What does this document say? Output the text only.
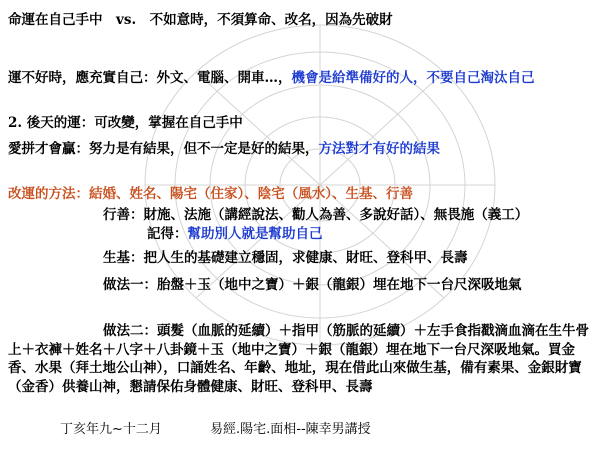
命運在自己手中　vs.　不如意時，不須算命、改名，因為先破財
運不好時，應充實自己：外文、電腦、開車…，機會是給準備好的人，不要自己淘汰自己
2. 後天的運：可改變，掌握在自己手中
愛拼才會贏：努力是有結果，但不一定是好的結果，方法對才有好的結果
改運的方法：結婚、姓名、陽宅（住家）、陰宅（風水）、生基、行善
行善：財施、法施（講經說法、勸人為善、多說好話）、無畏施（義工）
記得：幫助別人就是幫助自己
生基：把人生的基礎建立穩固，求健康、財旺、登科甲、長壽
做法一：胎盤＋玉（地中之寶）＋銀（龍銀）埋在地下一台尺深吸地氣
做法二：頭髮（血脈的延續）＋指甲（筋脈的延續）＋左手食指戳滴血滴在生牛骨上＋衣褲＋姓名＋八字＋八卦鏡＋玉（地中之寶）＋銀（龍銀）埋在地下一台尺深吸地氣。買金香、水果（拜土地公山神），口誦姓名、年齡、地址，現在借此山來做生基，備有素果、金銀財寶（金香）供養山神，懇請保佑身體健康、財旺、登科甲、長壽
丁亥年九~十二月	易經.陽宅.面相--陳幸男講授
